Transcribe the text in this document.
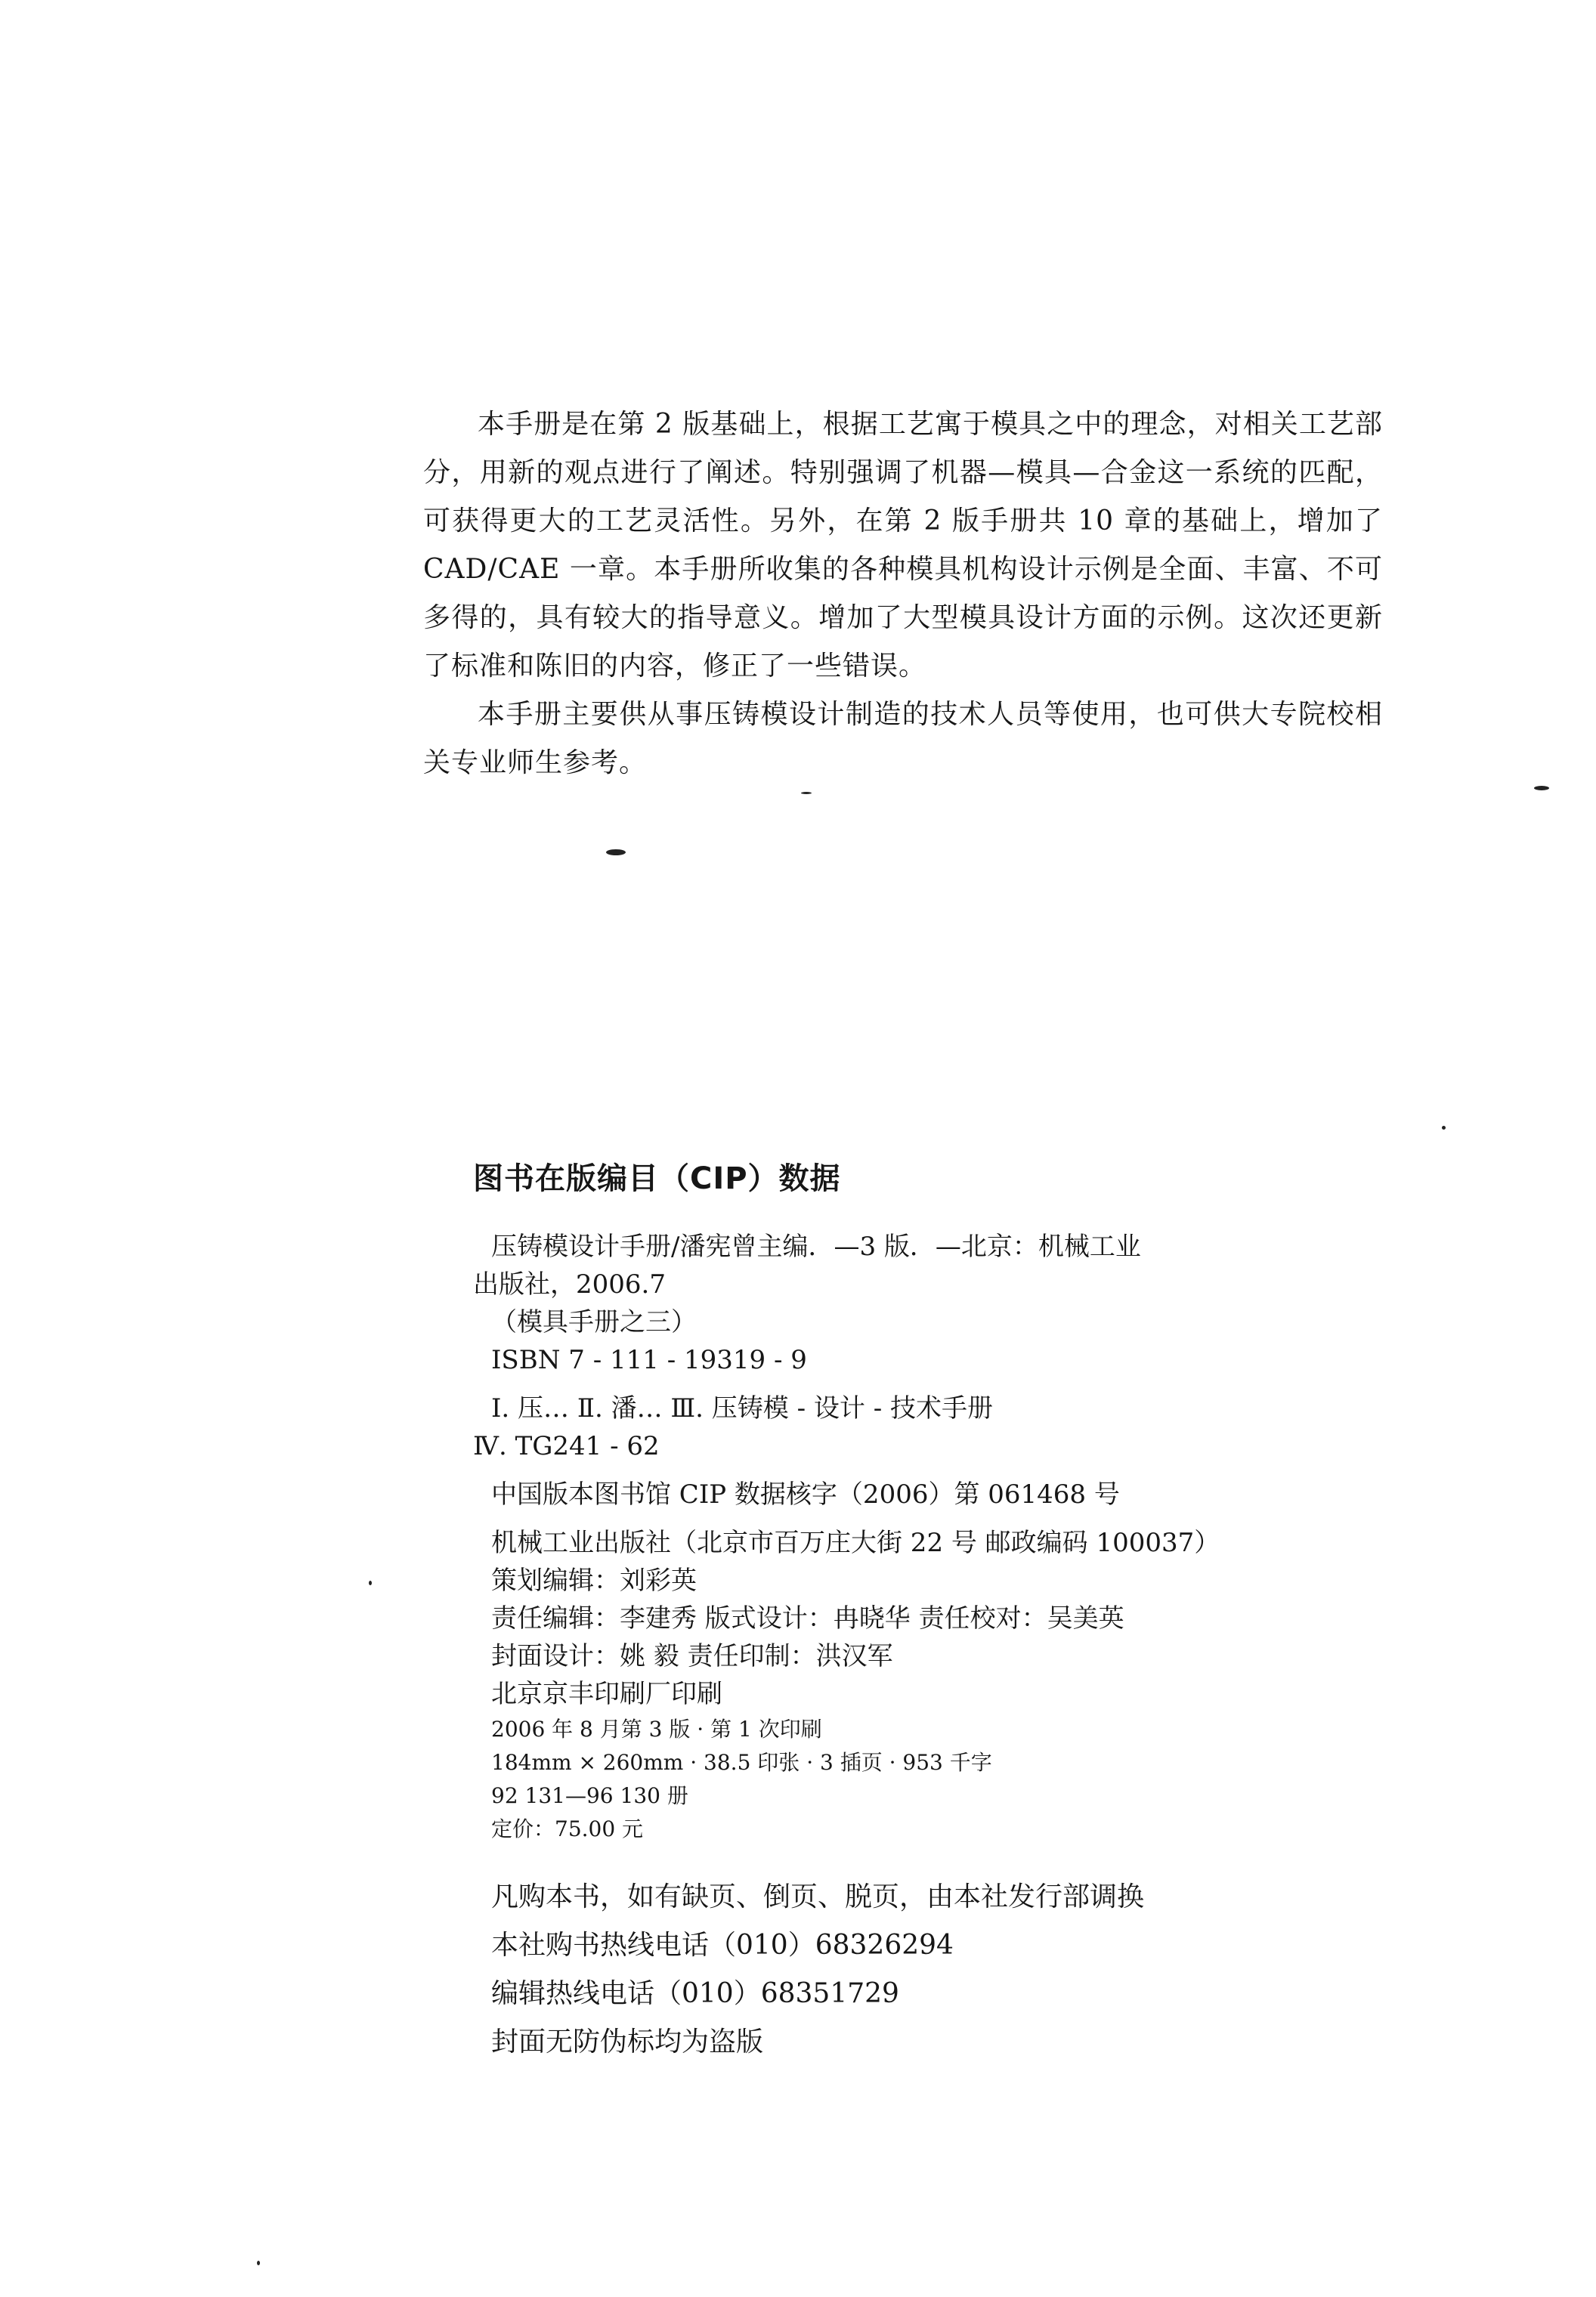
本手册是在第 2 版基础上，根据工艺寓于模具之中的理念，对相关工艺部分，用新的观点进行了阐述。特别强调了机器—模具—合金这一系统的匹配，可获得更大的工艺灵活性。另外，在第 2 版手册共 10 章的基础上，增加了 CAD/CAE 一章。本手册所收集的各种模具机构设计示例是全面、丰富、不可多得的，具有较大的指导意义。增加了大型模具设计方面的示例。这次还更新了标准和陈旧的内容，修正了一些错误。

本手册主要供从事压铸模设计制造的技术人员等使用，也可供大专院校相关专业师生参考。

图书在版编目（CIP）数据
压铸模设计手册/潘宪曾主编．—3 版．—北京：机械工业
出版社，2006.7
（模具手册之三）
ISBN 7 - 111 - 19319 - 9
Ⅰ. 压… Ⅱ. 潘… Ⅲ. 压铸模 - 设计 - 技术手册
Ⅳ. TG241 - 62
中国版本图书馆 CIP 数据核字（2006）第 061468 号
机械工业出版社（北京市百万庄大街 22 号 邮政编码 100037）
策划编辑：刘彩英
责任编辑：李建秀 版式设计：冉晓华 责任校对：吴美英
封面设计：姚 毅 责任印制：洪汉军
北京京丰印刷厂印刷
2006 年 8 月第 3 版 · 第 1 次印刷
184mm × 260mm · 38.5 印张 · 3 插页 · 953 千字
92 131—96 130 册
定价：75.00 元
凡购本书，如有缺页、倒页、脱页，由本社发行部调换
本社购书热线电话（010）68326294
编辑热线电话（010）68351729
封面无防伪标均为盗版
